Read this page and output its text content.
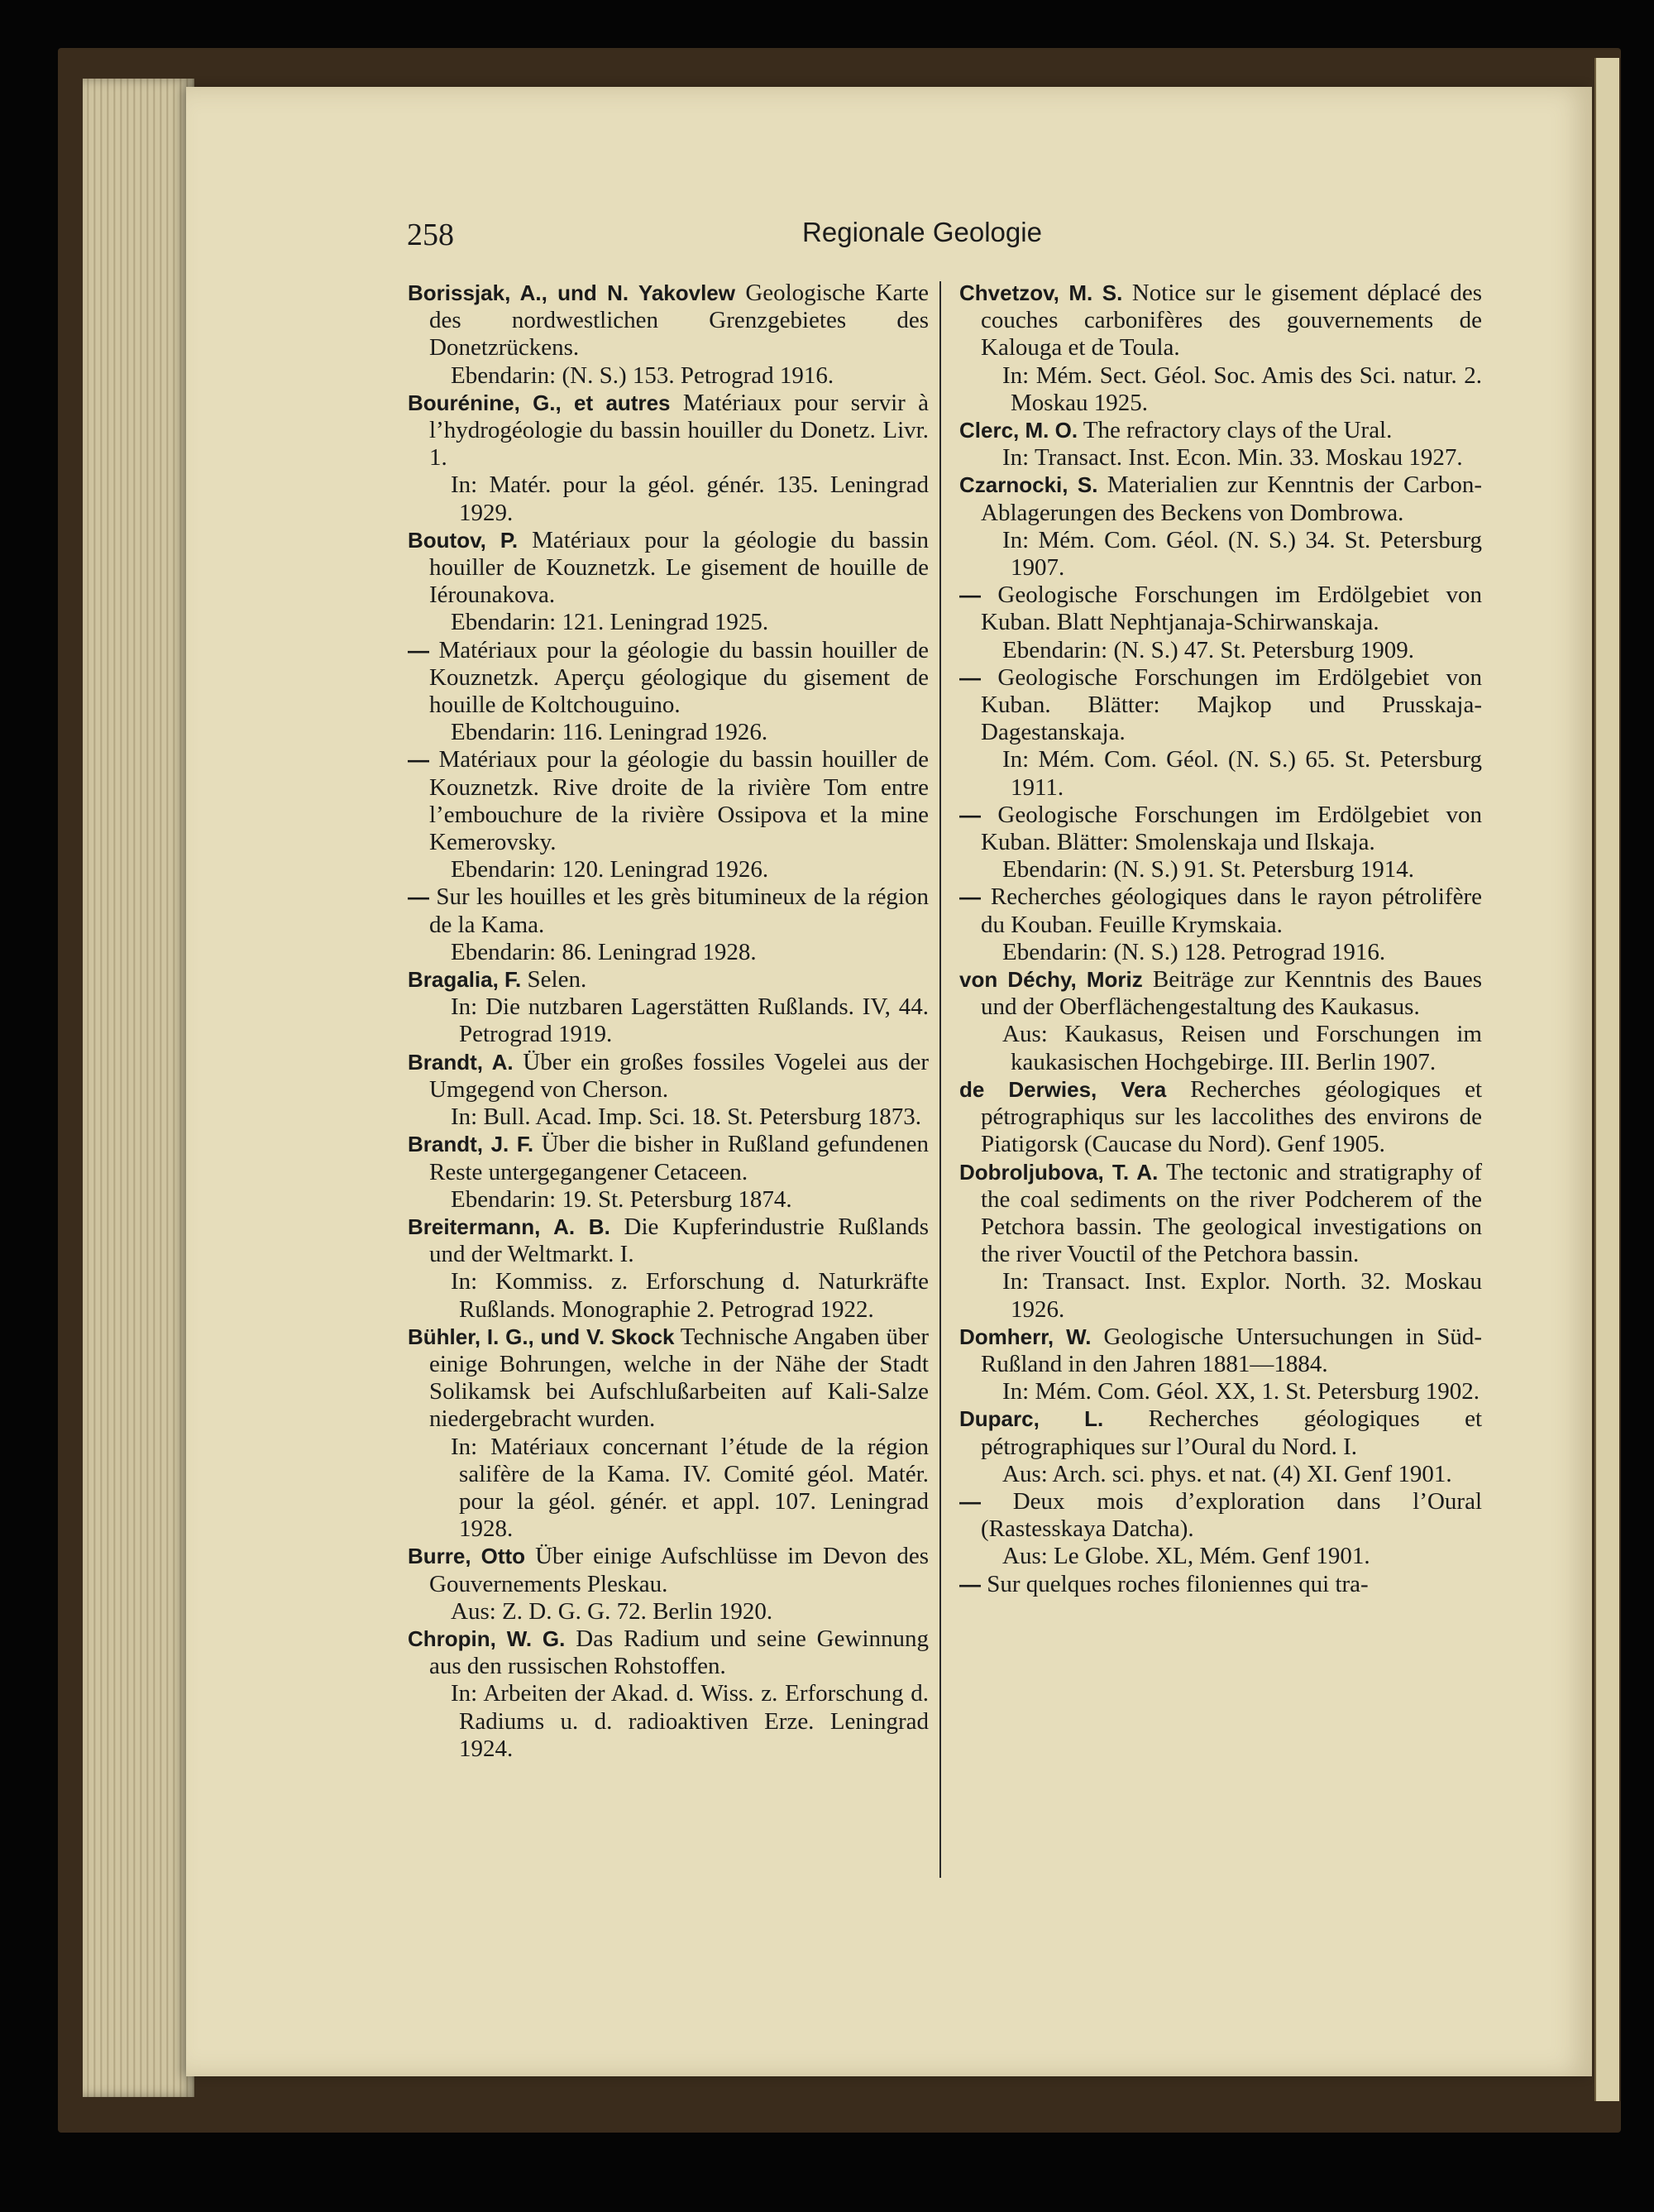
258	Regionale Geologie

Borissjak, A., und N. Yakovlew Geologische Karte des nordwestlichen Grenzgebietes des Donetzrückens.
Ebendarin: (N. S.) 153. Petrograd 1916.

Bourénine, G., et autres Matériaux pour servir à l’hydrogéologie du bassin houiller du Donetz. Livr. 1.
In: Matér. pour la géol. génér. 135. Leningrad 1929.

Boutov, P. Matériaux pour la géologie du bassin houiller de Kouznetzk. Le gisement de houille de Iérounakova.
Ebendarin: 121. Leningrad 1925.

— Matériaux pour la géologie du bassin houiller de Kouznetzk. Aperçu géologique du gisement de houille de Koltchouguino.
Ebendarin: 116. Leningrad 1926.

— Matériaux pour la géologie du bassin houiller de Kouznetzk. Rive droite de la rivière Tom entre l’embouchure de la rivière Ossipova et la mine Kemerovsky.
Ebendarin: 120. Leningrad 1926.

— Sur les houilles et les grès bitumineux de la région de la Kama.
Ebendarin: 86. Leningrad 1928.

Bragalia, F. Selen.
In: Die nutzbaren Lagerstätten Rußlands. IV, 44. Petrograd 1919.

Brandt, A. Über ein großes fossiles Vogelei aus der Umgegend von Cherson.
In: Bull. Acad. Imp. Sci. 18. St. Petersburg 1873.

Brandt, J. F. Über die bisher in Rußland gefundenen Reste untergegangener Cetaceen.
Ebendarin: 19. St. Petersburg 1874.

Breitermann, A. B. Die Kupferindustrie Rußlands und der Weltmarkt. I.
In: Kommiss. z. Erforschung d. Naturkräfte Rußlands. Monographie 2. Petrograd 1922.

Bühler, I. G., und V. Skock Technische Angaben über einige Bohrungen, welche in der Nähe der Stadt Solikamsk bei Aufschlußarbeiten auf Kali-Salze niedergebracht wurden.
In: Matériaux concernant l’étude de la région salifère de la Kama. IV. Comité géol. Matér. pour la géol. génér. et appl. 107. Leningrad 1928.

Burre, Otto Über einige Aufschlüsse im Devon des Gouvernements Pleskau.
Aus: Z. D. G. G. 72. Berlin 1920.

Chropin, W. G. Das Radium und seine Gewinnung aus den russischen Rohstoffen.
In: Arbeiten der Akad. d. Wiss. z. Erforschung d. Radiums u. d. radioaktiven Erze. Leningrad 1924.

Chvetzov, M. S. Notice sur le gisement déplacé des couches carbonifères des gouvernements de Kalouga et de Toula.
In: Mém. Sect. Géol. Soc. Amis des Sci. natur. 2. Moskau 1925.

Clerc, M. O. The refractory clays of the Ural.
In: Transact. Inst. Econ. Min. 33. Moskau 1927.

Czarnocki, S. Materialien zur Kenntnis der Carbon-Ablagerungen des Beckens von Dombrowa.
In: Mém. Com. Géol. (N. S.) 34. St. Petersburg 1907.

— Geologische Forschungen im Erdölgebiet von Kuban. Blatt Nephtjanaja-Schirwanskaja.
Ebendarin: (N. S.) 47. St. Petersburg 1909.

— Geologische Forschungen im Erdölgebiet von Kuban. Blätter: Majkop und Prusskaja-Dagestanskaja.
In: Mém. Com. Géol. (N. S.) 65. St. Petersburg 1911.

— Geologische Forschungen im Erdölgebiet von Kuban. Blätter: Smolenskaja und Ilskaja.
Ebendarin: (N. S.) 91. St. Petersburg 1914.

— Recherches géologiques dans le rayon pétrolifère du Kouban. Feuille Krymskaia.
Ebendarin: (N. S.) 128. Petrograd 1916.

von Déchy, Moriz Beiträge zur Kenntnis des Baues und der Oberflächengestaltung des Kaukasus.
Aus: Kaukasus, Reisen und Forschungen im kaukasischen Hochgebirge. III. Berlin 1907.

de Derwies, Vera Recherches géologiques et pétrographiqus sur les laccolithes des environs de Piatigorsk (Caucase du Nord). Genf 1905.

Dobroljubova, T. A. The tectonic and stratigraphy of the coal sediments on the river Podcherem of the Petchora bassin. The geological investigations on the river Vouctil of the Petchora bassin.
In: Transact. Inst. Explor. North. 32. Moskau 1926.

Domherr, W. Geologische Untersuchungen in Süd-Rußland in den Jahren 1881—1884.
In: Mém. Com. Géol. XX, 1. St. Petersburg 1902.

Duparc, L. Recherches géologiques et pétrographiques sur l’Oural du Nord. I.
Aus: Arch. sci. phys. et nat. (4) XI. Genf 1901.

— Deux mois d’exploration dans l’Oural (Rastesskaya Datcha).
Aus: Le Globe. XL, Mém. Genf 1901.

— Sur quelques roches filoniennes qui tra-
